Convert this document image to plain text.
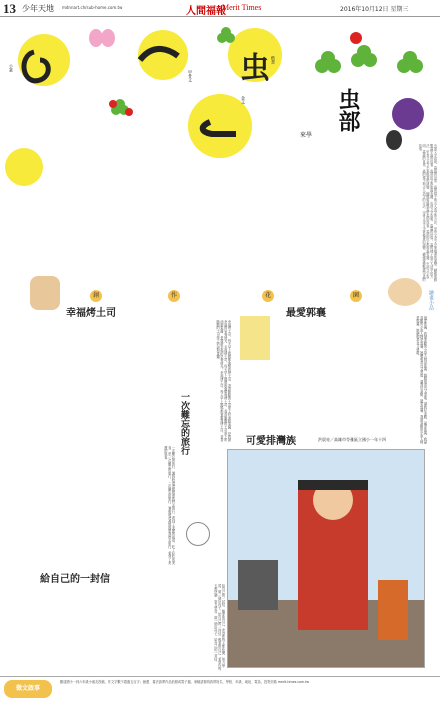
13 少年天地 mdnnart.ch/sub-home.com.tw	人間福報
Merit Times	2016年10月12日 星期三
虫
小篆
甲骨文
楷書
金文	虫部
來學
虫部文字說明，蟲蟲的世界，蟲的樣子與古人造字的方法，甲骨文金文小篆楷書的演變，蝴蝶蜜蜂瓢蟲甲蟲的故事，蟲部的字都和蟲有關。虫部文字說明，蟲蟲的世界，蟲的樣子與古人造字的方法，甲骨文金文小篆楷書的演變，蝴蝶蜜蜂瓢蟲甲蟲的故事，蟲部的字都和蟲有關。虫部文字說明，蟲蟲的世界，蟲的樣子與古人造字的方法，甲骨文金文小篆楷書的演變，蝴蝶蜜蜂瓢蟲甲蟲的故事。
創	作	花	園
幸福烤土司	最愛郭襄
幸福烤土司，每天早上媽媽都會幫我烤土司，香香脆脆的土司塗上奶油和果醬，是我最幸福的早餐時光。幸福烤土司，每天早上媽媽都會幫我烤土司，香香脆脆的土司塗上奶油和果醬，是我最幸福的早餐時光。幸福烤土司，每天早上媽媽都會幫我烤土司，香香脆脆的土司塗上奶油和果醬。	最愛郭襄，我最喜歡的小說人物是郭襄，她聰明善良又勇敢，讓我好喜歡。最愛郭襄，我最喜歡的小說人物是郭襄，她聰明善良又勇敢，讓我好喜歡。最愛郭襄，我最喜歡的小說人物是郭襄，她聰明善良又勇敢。
一次難忘的旅行，暑假時爸爸媽媽帶我們去旅行，看到了美麗的風景，吃了好吃的美食，是一次難忘的旅行。一次難忘的旅行，暑假時爸爸媽媽帶我們去旅行，看到了美麗的風景。	一次難忘的旅行
給自己的一封信
給自己的一封信，親愛的自己，希望你每天都快樂，努力學習，做一個好孩子。給自己的一封信，親愛的自己，希望你每天都快樂，努力學習，做一個好孩子。給自己的一封信。
可愛排灣族	洪晨亮／高雄市苓雅區立國小一年十四
繪畫小品
徵文啟事
歡迎國小一到六年級小朋友投稿，作文字數不超過五百字；繪畫、書法請將作品拍照或電子檔，來稿請寫明真實姓名、學校、年級、地址、電話，投寄信箱 merit-times.com.tw
